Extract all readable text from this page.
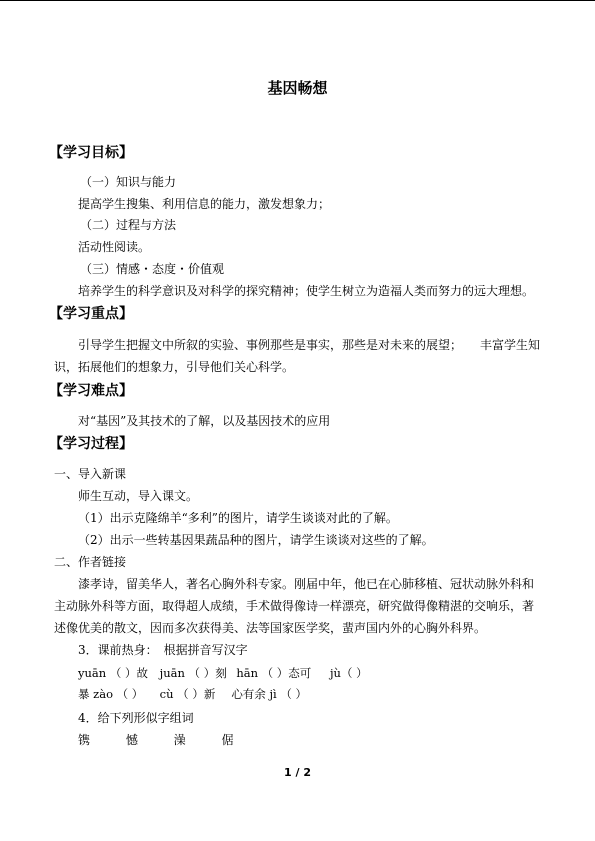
基因畅想
【学习目标】
（一）知识与能力
提高学生搜集、利用信息的能力，激发想象力；
（二）过程与方法
活动性阅读。
（三）情感・态度・价值观
培养学生的科学意识及对科学的探究精神；使学生树立为造福人类而努力的远大理想。
【学习重点】
引导学生把握文中所叙的实验、事例那些是事实，那些是对未来的展望；　　丰富学生知
识，拓展他们的想象力，引导他们关心科学。
【学习难点】
对“基因”及其技术的了解，以及基因技术的应用
【学习过程】
一、导入新课
师生互动，导入课文。
（1）出示克隆绵羊“多利”的图片，请学生谈谈对此的了解。
（2）出示一些转基因果蔬品种的图片，请学生谈谈对这些的了解。
二、作者链接
漆孝诗，留美华人，著名心胸外科专家。刚届中年，他已在心肺移植、冠状动脉外科和
主动脉外科等方面，取得超人成绩，手术做得像诗一样漂亮，研究做得像精湛的交响乐，著
述像优美的散文，因而多次获得美、法等国家医学奖，蜚声国内外的心胸外科界。
3．课前热身：　根据拼音写汉字
yuān （ ）故 juān （ ）刻 hān （ ）态可 jù（ ）
暴 zào （ ） cù （ ）新 心有余 jì （ ）
4．给下列形似字组词
镌	憾	澡	倨
1 / 2
